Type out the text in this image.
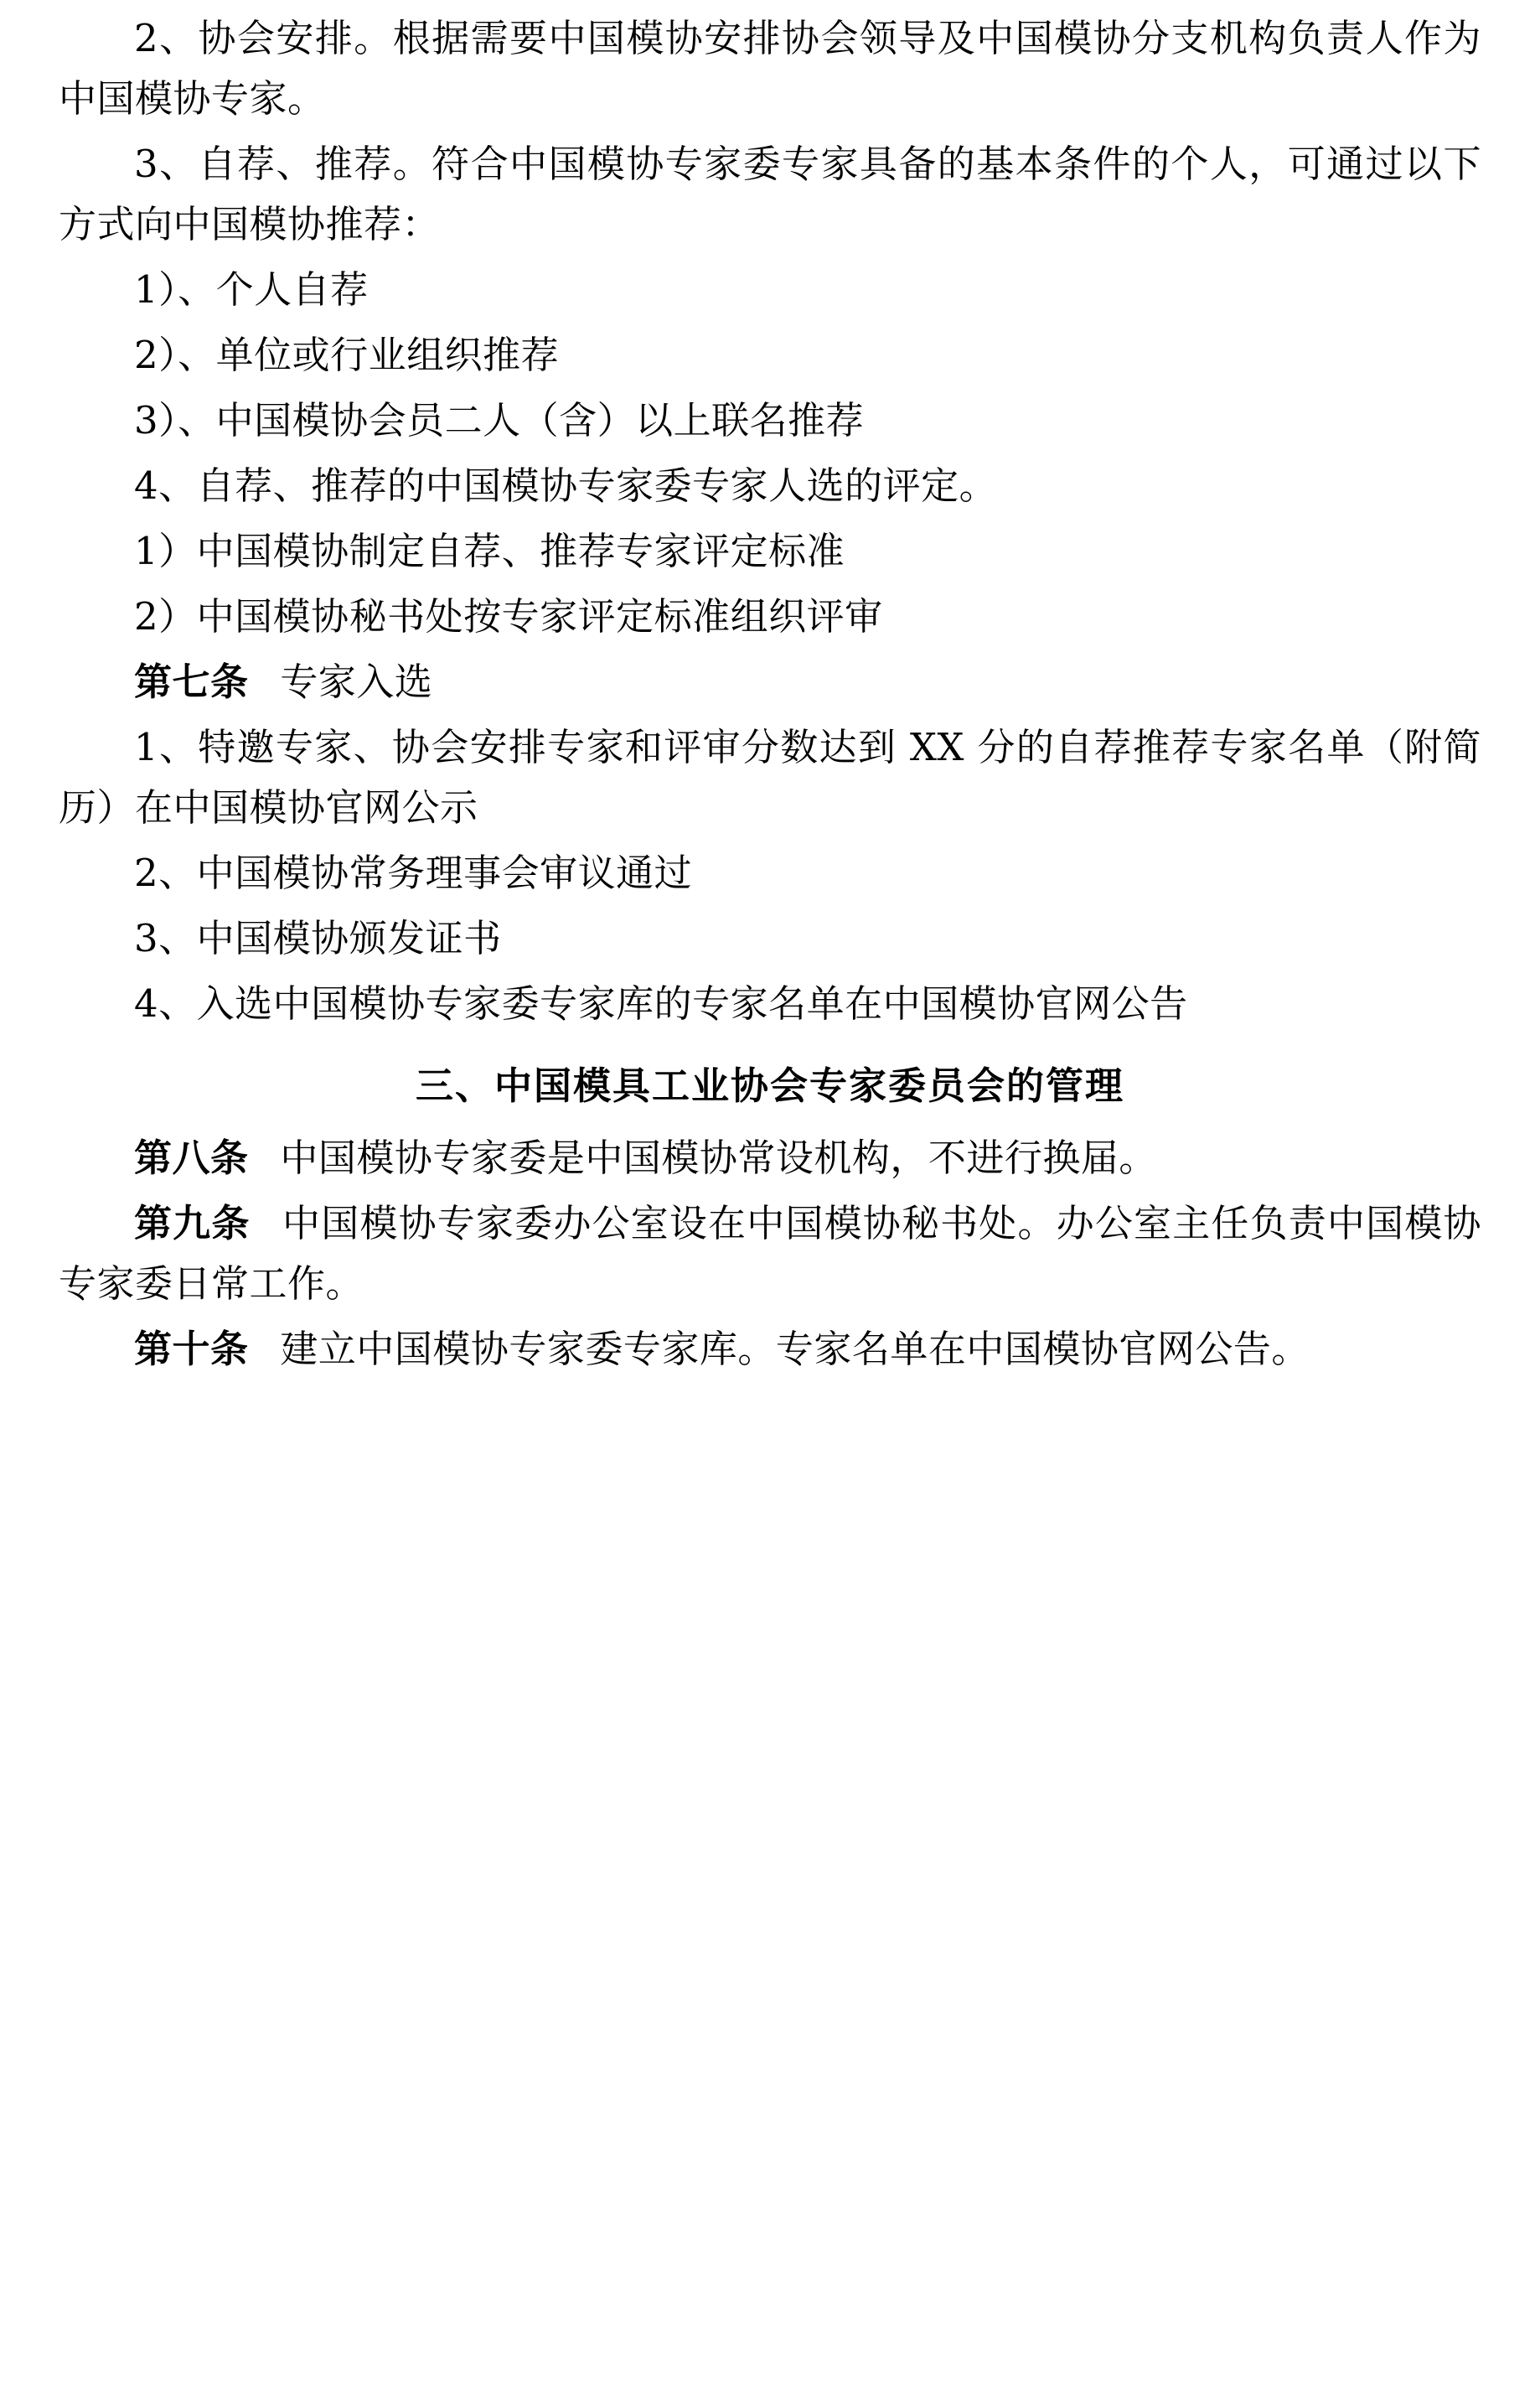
2、协会安排。根据需要中国模协安排协会领导及中国模协分支机构负责人作为中国模协专家。

3、自荐、推荐。符合中国模协专家委专家具备的基本条件的个人，可通过以下方式向中国模协推荐：

1）、个人自荐

2）、单位或行业组织推荐

3）、中国模协会员二人（含）以上联名推荐

4、自荐、推荐的中国模协专家委专家人选的评定。

1）中国模协制定自荐、推荐专家评定标准

2）中国模协秘书处按专家评定标准组织评审

第七条  专家入选

1、特邀专家、协会安排专家和评审分数达到 XX 分的自荐推荐专家名单（附简历）在中国模协官网公示

2、中国模协常务理事会审议通过

3、中国模协颁发证书

4、入选中国模协专家委专家库的专家名单在中国模协官网公告

三、中国模具工业协会专家委员会的管理

第八条  中国模协专家委是中国模协常设机构，不进行换届。

第九条  中国模协专家委办公室设在中国模协秘书处。办公室主任负责中国模协专家委日常工作。

第十条  建立中国模协专家委专家库。专家名单在中国模协官网公告。
